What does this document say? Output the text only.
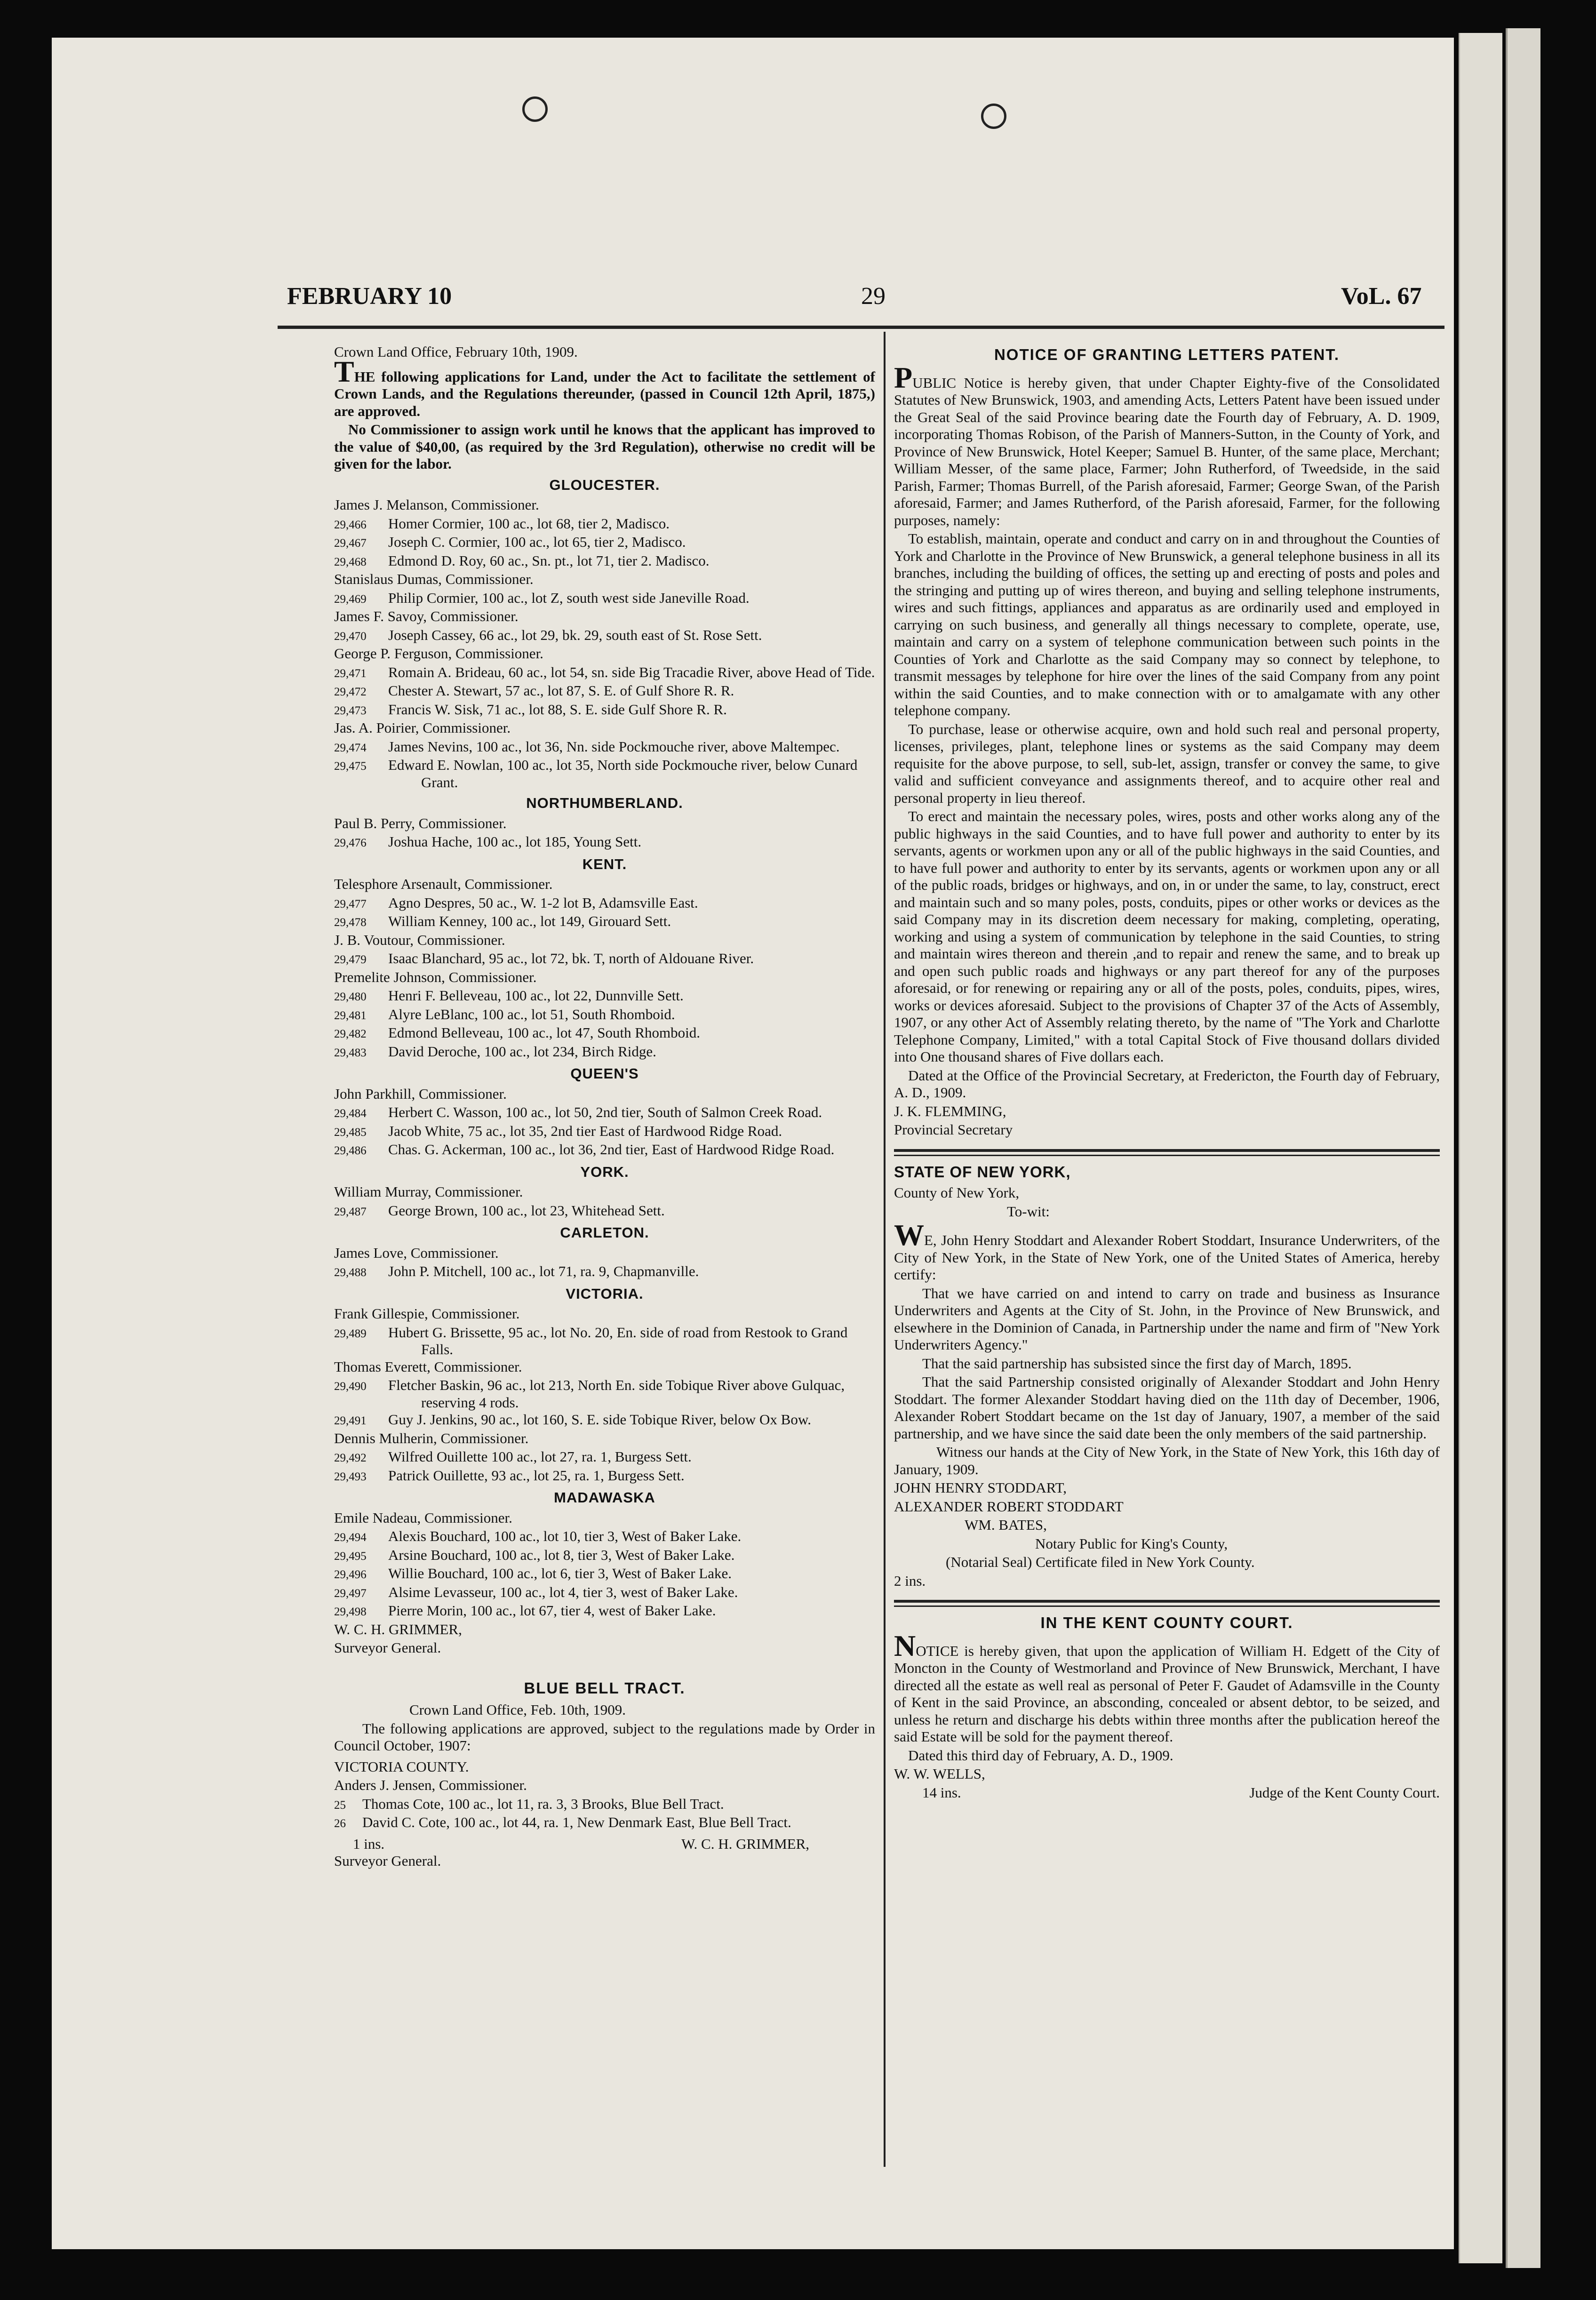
FEBRUARY 10	29	VoL. 67

Crown Land Office, February 10th, 1909.

THE following applications for Land, under the Act to facilitate the settlement of Crown Lands, and the Regulations thereunder, (passed in Council 12th April, 1875,) are approved.

No Commissioner to assign work until he knows that the applicant has improved to the value of $40,00, (as required by the 3rd Regulation), otherwise no credit will be given for the labor.

GLOUCESTER.

James J. Melanson, Commissioner.

29,466	Homer Cormier, 100 ac., lot 68, tier 2, Madisco.
29,467	Joseph C. Cormier, 100 ac., lot 65, tier 2, Madisco.
29,468	Edmond D. Roy, 60 ac., Sn. pt., lot 71, tier 2. Madisco.

Stanislaus Dumas, Commissioner.

29,469	Philip Cormier, 100 ac., lot Z, south west side Janeville Road.

James F. Savoy, Commissioner.

29,470	Joseph Cassey, 66 ac., lot 29, bk. 29, south east of St. Rose Sett.

George P. Ferguson, Commissioner.

29,471	Romain A. Brideau, 60 ac., lot 54, sn. side Big Tracadie River, above Head of Tide.
29,472	Chester A. Stewart, 57 ac., lot 87, S. E. of Gulf Shore R. R.
29,473	Francis W. Sisk, 71 ac., lot 88, S. E. side Gulf Shore R. R.

Jas. A. Poirier, Commissioner.

29,474	James Nevins, 100 ac., lot 36, Nn. side Pockmouche river, above Maltempec.
29,475	Edward E. Nowlan, 100 ac., lot 35, North side Pockmouche river, below Cunard Grant.
NORTHUMBERLAND.

Paul B. Perry, Commissioner.

29,476	Joshua Hache, 100 ac., lot 185, Young Sett.
KENT.

Telesphore Arsenault, Commissioner.

29,477	Agno Despres, 50 ac., W. 1-2 lot B, Adamsville East.
29,478	William Kenney, 100 ac., lot 149, Girouard Sett.

J. B. Voutour, Commissioner.

29,479	Isaac Blanchard, 95 ac., lot 72, bk. T, north of Aldouane River.

Premelite Johnson, Commissioner.

29,480	Henri F. Belleveau, 100 ac., lot 22, Dunnville Sett.
29,481	Alyre LeBlanc, 100 ac., lot 51, South Rhomboid.
29,482	Edmond Belleveau, 100 ac., lot 47, South Rhomboid.
29,483	David Deroche, 100 ac., lot 234, Birch Ridge.
QUEEN'S

John Parkhill, Commissioner.

29,484	Herbert C. Wasson, 100 ac., lot 50, 2nd tier, South of Salmon Creek Road.
29,485	Jacob White, 75 ac., lot 35, 2nd tier East of Hardwood Ridge Road.
29,486	Chas. G. Ackerman, 100 ac., lot 36, 2nd tier, East of Hardwood Ridge Road.
YORK.

William Murray, Commissioner.

29,487	George Brown, 100 ac., lot 23, Whitehead Sett.
CARLETON.

James Love, Commissioner.

29,488	John P. Mitchell, 100 ac., lot 71, ra. 9, Chapmanville.
VICTORIA.

Frank Gillespie, Commissioner.

29,489	Hubert G. Brissette, 95 ac., lot No. 20, En. side of road from Restook to Grand Falls.

Thomas Everett, Commissioner.

29,490	Fletcher Baskin, 96 ac., lot 213, North En. side Tobique River above Gulquac, reserving 4 rods.
29,491	Guy J. Jenkins, 90 ac., lot 160, S. E. side Tobique River, below Ox Bow.

Dennis Mulherin, Commissioner.

29,492	Wilfred Ouillette 100 ac., lot 27, ra. 1, Burgess Sett.
29,493	Patrick Ouillette, 93 ac., lot 25, ra. 1, Burgess Sett.
MADAWASKA

Emile Nadeau, Commissioner.

29,494	Alexis Bouchard, 100 ac., lot 10, tier 3, West of Baker Lake.
29,495	Arsine Bouchard, 100 ac., lot 8, tier 3, West of Baker Lake.
29,496	Willie Bouchard, 100 ac., lot 6, tier 3, West of Baker Lake.
29,497	Alsime Levasseur, 100 ac., lot 4, tier 3, west of Baker Lake.
29,498	Pierre Morin, 100 ac., lot 67, tier 4, west of Baker Lake.

W. C. H. GRIMMER,

Surveyor General.

BLUE BELL TRACT.

Crown Land Office, Feb. 10th, 1909.

The following applications are approved, subject to the regulations made by Order in Council October, 1907:

VICTORIA COUNTY.

Anders J. Jensen, Commissioner.

25	Thomas Cote, 100 ac., lot 11, ra. 3, 3 Brooks, Blue Bell Tract.
26	David C. Cote, 100 ac., lot 44, ra. 1, New Denmark East, Blue Bell Tract.
1 ins.	W. C. H. GRIMMER,

Surveyor General.

NOTICE OF GRANTING LETTERS PATENT.

PUBLIC Notice is hereby given, that under Chapter Eighty-five of the Consolidated Statutes of New Brunswick, 1903, and amending Acts, Letters Patent have been issued under the Great Seal of the said Province bearing date the Fourth day of February, A. D. 1909, incorporating Thomas Robison, of the Parish of Manners-Sutton, in the County of York, and Province of New Brunswick, Hotel Keeper; Samuel B. Hunter, of the same place, Merchant; William Messer, of the same place, Farmer; John Rutherford, of Tweedside, in the said Parish, Farmer; Thomas Burrell, of the Parish aforesaid, Farmer; George Swan, of the Parish aforesaid, Farmer; and James Rutherford, of the Parish aforesaid, Farmer, for the following purposes, namely:

To establish, maintain, operate and conduct and carry on in and throughout the Counties of York and Charlotte in the Province of New Brunswick, a general telephone business in all its branches, including the building of offices, the setting up and erecting of posts and poles and the stringing and putting up of wires thereon, and buying and selling telephone instruments, wires and such fittings, appliances and apparatus as are ordinarily used and employed in carrying on such business, and generally all things necessary to complete, operate, use, maintain and carry on a system of telephone communication between such points in the Counties of York and Charlotte as the said Company may so connect by telephone, to transmit messages by telephone for hire over the lines of the said Company from any point within the said Counties, and to make connection with or to amalgamate with any other telephone company.

To purchase, lease or otherwise acquire, own and hold such real and personal property, licenses, privileges, plant, telephone lines or systems as the said Company may deem requisite for the above purpose, to sell, sub-let, assign, transfer or convey the same, to give valid and sufficient conveyance and assignments thereof, and to acquire other real and personal property in lieu thereof.

To erect and maintain the necessary poles, wires, posts and other works along any of the public highways in the said Counties, and to have full power and authority to enter by its servants, agents or workmen upon any or all of the public highways in the said Counties, and to have full power and authority to enter by its servants, agents or workmen upon any or all of the public roads, bridges or highways, and on, in or under the same, to lay, construct, erect and maintain such and so many poles, posts, conduits, pipes or other works or devices as the said Company may in its discretion deem necessary for making, completing, operating, working and using a system of communication by telephone in the said Counties, to string and maintain wires thereon and therein ,and to repair and renew the same, and to break up and open such public roads and highways or any part thereof for any of the purposes aforesaid, or for renewing or repairing any or all of the posts, poles, conduits, pipes, wires, works or devices aforesaid. Subject to the provisions of Chapter 37 of the Acts of Assembly, 1907, or any other Act of Assembly relating thereto, by the name of "The York and Charlotte Telephone Company, Limited," with a total Capital Stock of Five thousand dollars divided into One thousand shares of Five dollars each.

Dated at the Office of the Provincial Secretary, at Fredericton, the Fourth day of February, A. D., 1909.

J. K. FLEMMING,

Provincial Secretary

STATE OF NEW YORK,

County of New York,

To-wit:

WE, John Henry Stoddart and Alexander Robert Stoddart, Insurance Underwriters, of the City of New York, in the State of New York, one of the United States of America, hereby certify:

That we have carried on and intend to carry on trade and business as Insurance Underwriters and Agents at the City of St. John, in the Province of New Brunswick, and elsewhere in the Dominion of Canada, in Partnership under the name and firm of "New York Underwriters Agency."

That the said partnership has subsisted since the first day of March, 1895.

That the said Partnership consisted originally of Alexander Stoddart and John Henry Stoddart. The former Alexander Stoddart having died on the 11th day of December, 1906, Alexander Robert Stoddart became on the 1st day of January, 1907, a member of the said partnership, and we have since the said date been the only members of the said partnership.

Witness our hands at the City of New York, in the State of New York, this 16th day of January, 1909.

JOHN HENRY STODDART,

ALEXANDER ROBERT STODDART

WM. BATES,

Notary Public for King's County,

(Notarial Seal) Certificate filed in New York County.

2 ins.

IN THE KENT COUNTY COURT.

NOTICE is hereby given, that upon the application of William H. Edgett of the City of Moncton in the County of Westmorland and Province of New Brunswick, Merchant, I have directed all the estate as well real as personal of Peter F. Gaudet of Adamsville in the County of Kent in the said Province, an absconding, concealed or absent debtor, to be seized, and unless he return and discharge his debts within three months after the publication hereof the said Estate will be sold for the payment thereof.

Dated this third day of February, A. D., 1909.

W. W. WELLS,

14 ins.	Judge of the Kent County Court.
